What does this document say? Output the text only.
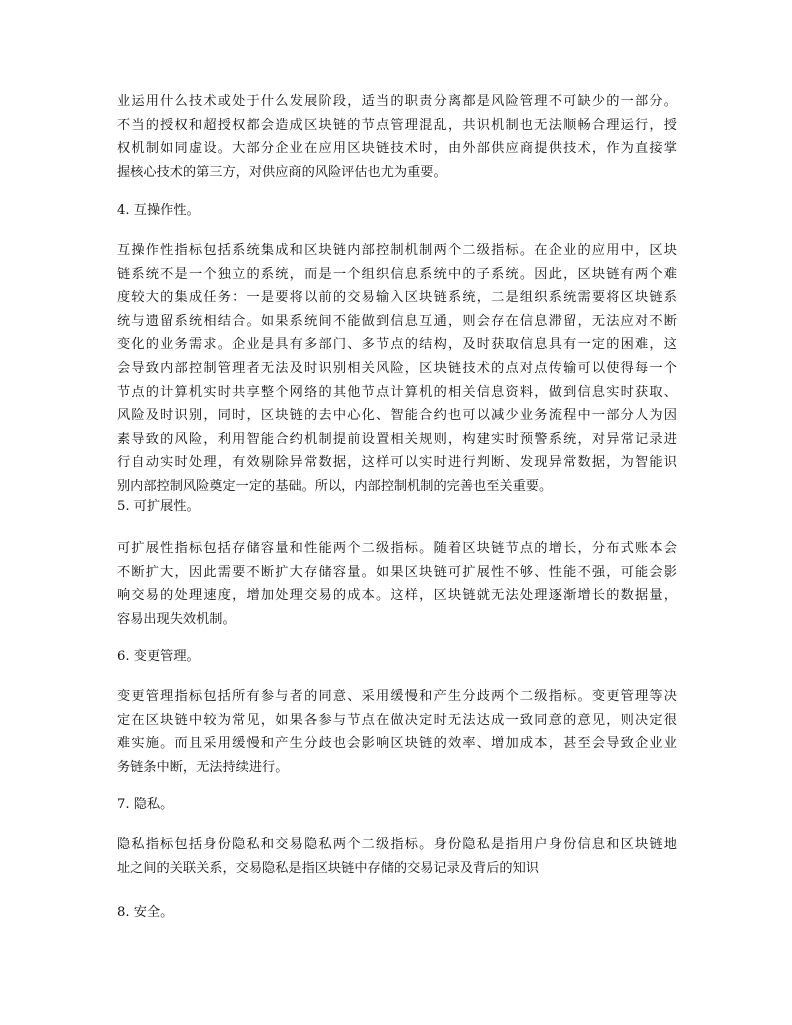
业运用什么技术或处于什么发展阶段，适当的职责分离都是风险管理不可缺少的一部分。
不当的授权和超授权都会造成区块链的节点管理混乱，共识机制也无法顺畅合理运行，授
权机制如同虚设。大部分企业在应用区块链技术时，由外部供应商提供技术，作为直接掌
握核心技术的第三方，对供应商的风险评估也尤为重要。
4. 互操作性。
互操作性指标包括系统集成和区块链内部控制机制两个二级指标。在企业的应用中，区块
链系统不是一个独立的系统，而是一个组织信息系统中的子系统。因此，区块链有两个难
度较大的集成任务：一是要将以前的交易输入区块链系统，二是组织系统需要将区块链系
统与遗留系统相结合。如果系统间不能做到信息互通，则会存在信息滞留，无法应对不断
变化的业务需求。企业是具有多部门、多节点的结构，及时获取信息具有一定的困难，这
会导致内部控制管理者无法及时识别相关风险，区块链技术的点对点传输可以使得每一个
节点的计算机实时共享整个网络的其他节点计算机的相关信息资料，做到信息实时获取、
风险及时识别，同时，区块链的去中心化、智能合约也可以减少业务流程中一部分人为因
素导致的风险，利用智能合约机制提前设置相关规则，构建实时预警系统，对异常记录进
行自动实时处理，有效剔除异常数据，这样可以实时进行判断、发现异常数据，为智能识
别内部控制风险奠定一定的基础。所以，内部控制机制的完善也至关重要。
5. 可扩展性。
可扩展性指标包括存储容量和性能两个二级指标。随着区块链节点的增长，分布式账本会
不断扩大，因此需要不断扩大存储容量。如果区块链可扩展性不够、性能不强，可能会影
响交易的处理速度，增加处理交易的成本。这样，区块链就无法处理逐渐增长的数据量，
容易出现失效机制。
6. 变更管理。
变更管理指标包括所有参与者的同意、采用缓慢和产生分歧两个二级指标。变更管理等决
定在区块链中较为常见，如果各参与节点在做决定时无法达成一致同意的意见，则决定很
难实施。而且采用缓慢和产生分歧也会影响区块链的效率、增加成本，甚至会导致企业业
务链条中断，无法持续进行。
7. 隐私。
隐私指标包括身份隐私和交易隐私两个二级指标。身份隐私是指用户身份信息和区块链地
址之间的关联关系，交易隐私是指区块链中存储的交易记录及背后的知识
8. 安全。
